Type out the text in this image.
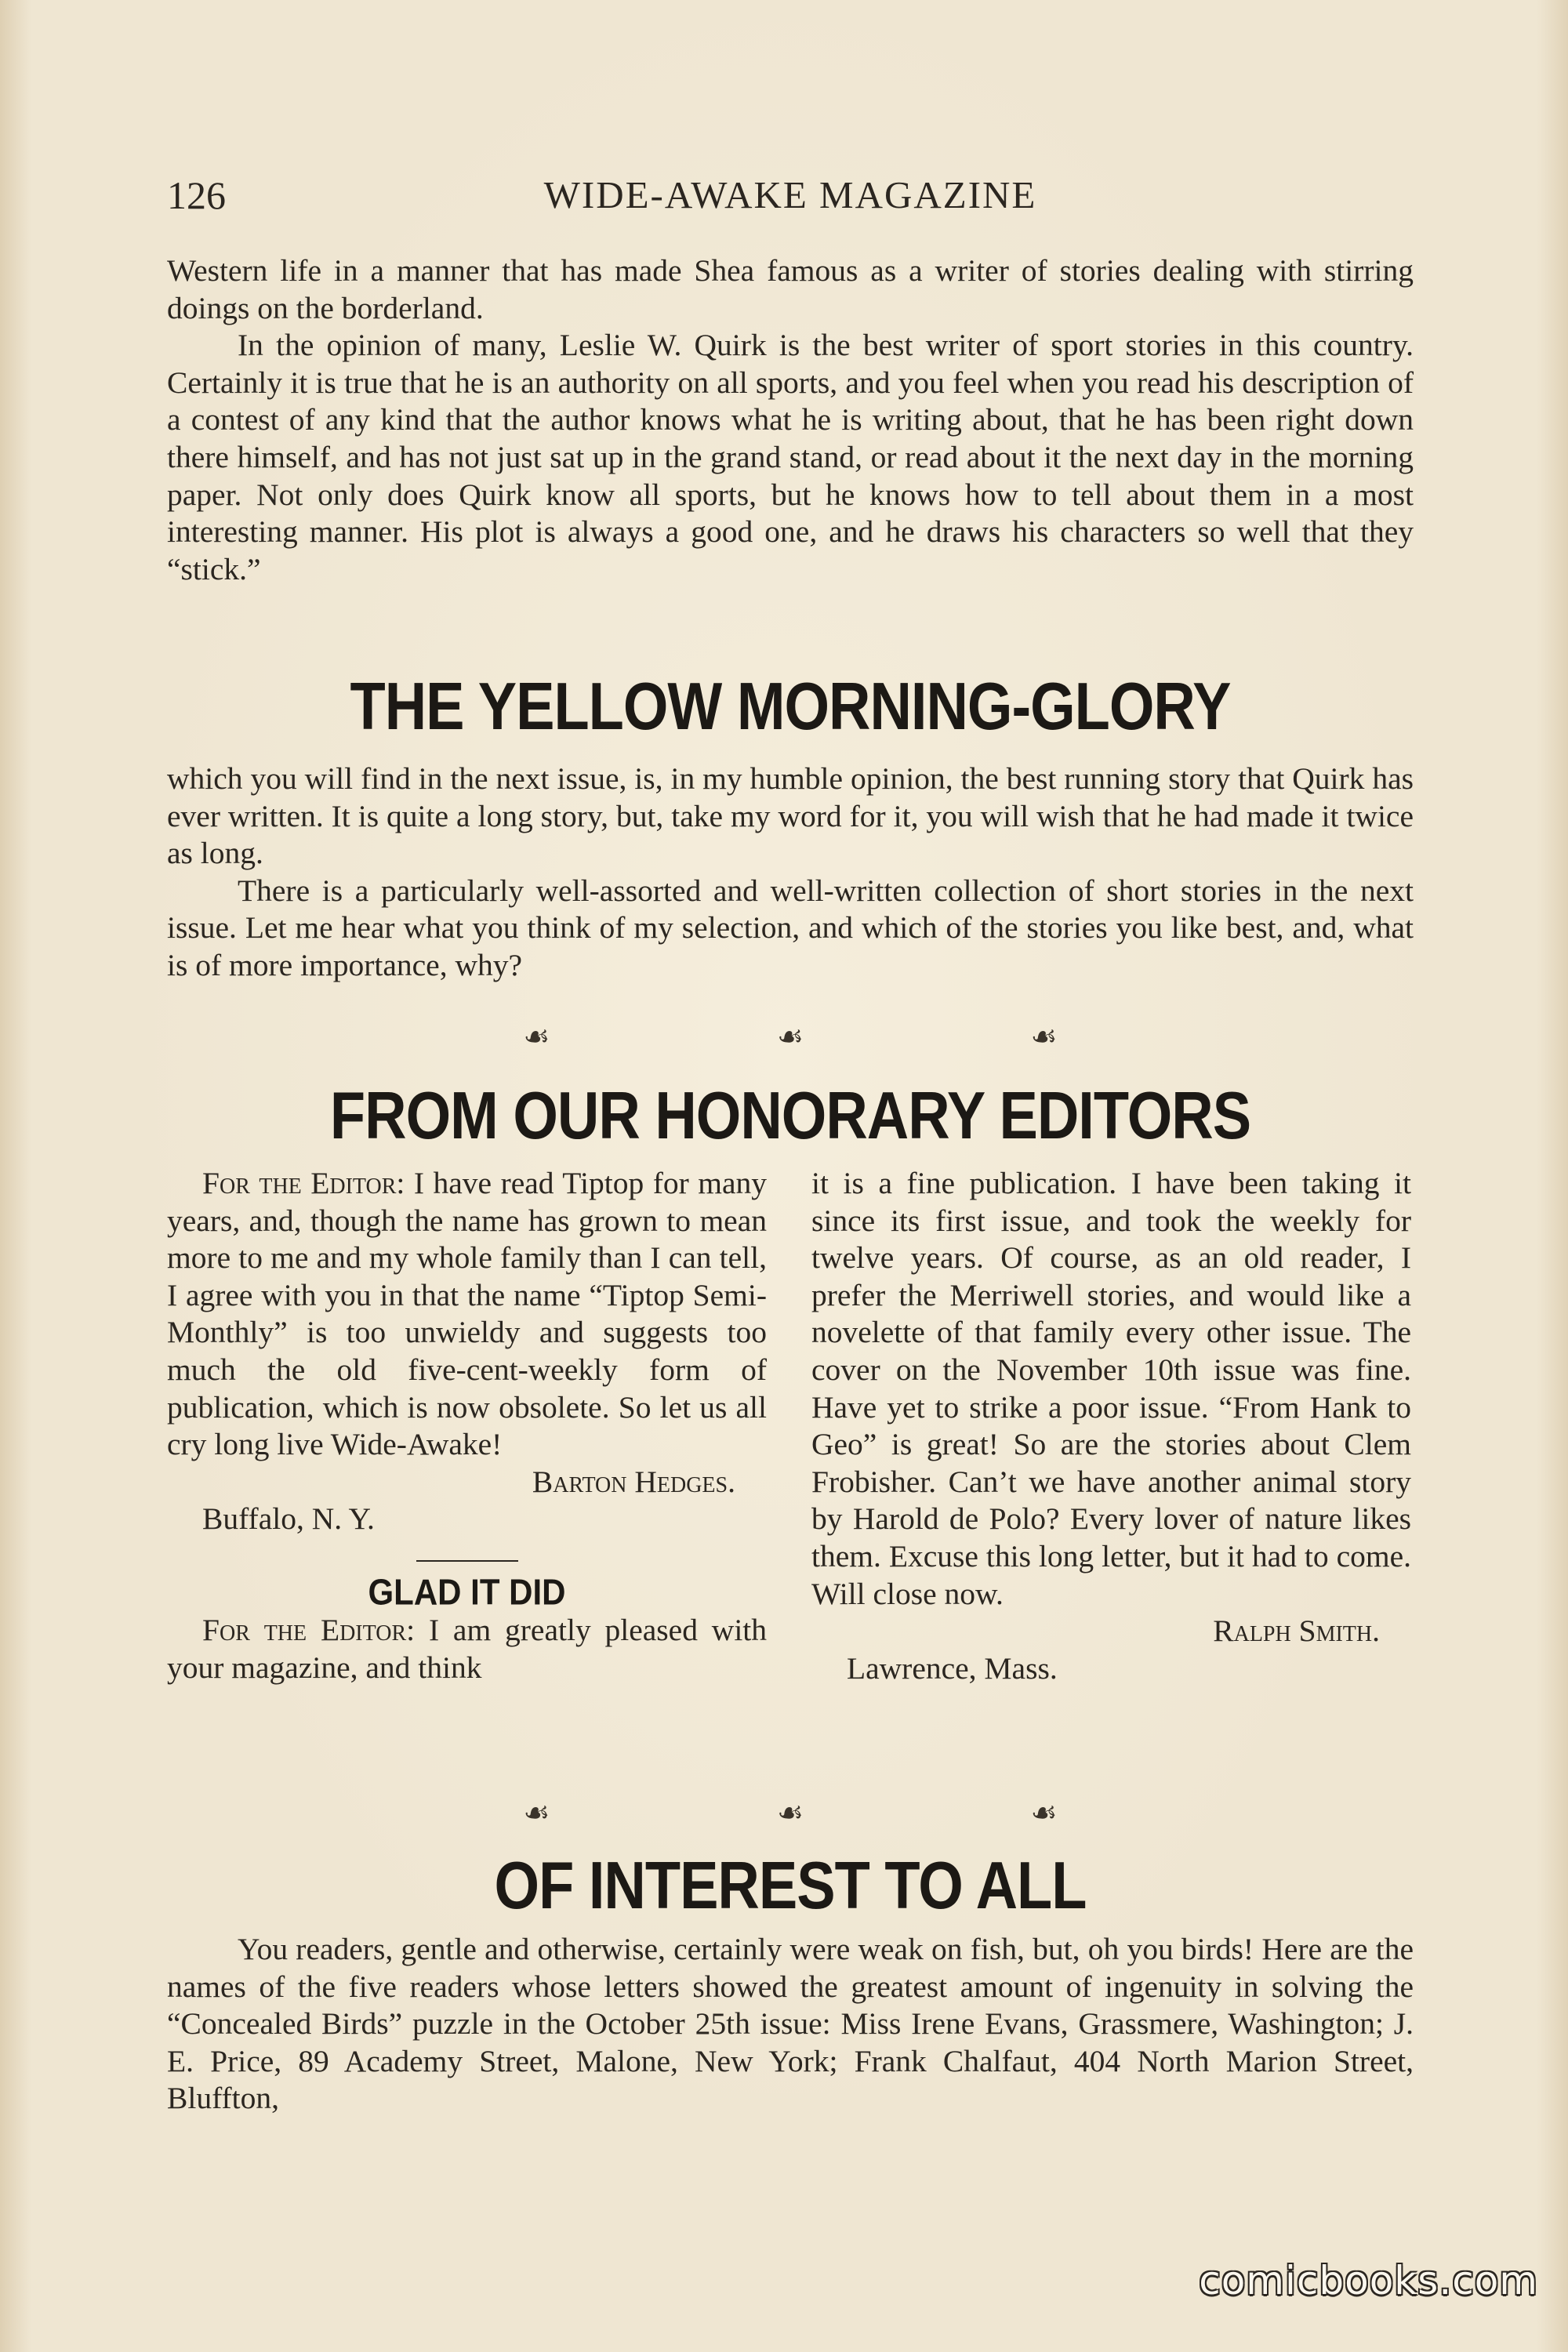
126	WIDE-AWAKE MAGAZINE

Western life in a manner that has made Shea famous as a writer of stories dealing with stirring doings on the borderland.

In the opinion of many, Leslie W. Quirk is the best writer of sport stories in this country. Certainly it is true that he is an authority on all sports, and you feel when you read his description of a contest of any kind that the author knows what he is writing about, that he has been right down there himself, and has not just sat up in the grand stand, or read about it the next day in the morning paper. Not only does Quirk know all sports, but he knows how to tell about them in a most interesting manner. His plot is always a good one, and he draws his characters so well that they “stick.”

THE YELLOW MORNING-GLORY

which you will find in the next issue, is, in my humble opinion, the best running story that Quirk has ever written. It is quite a long story, but, take my word for it, you will wish that he had made it twice as long.

There is a particularly well-assorted and well-written collection of short stories in the next issue. Let me hear what you think of my selection, and which of the stories you like best, and, what is of more importance, why?

☙ ☙ ☙
FROM OUR HONORARY EDITORS

For the Editor: I have read Tiptop for many years, and, though the name has grown to mean more to me and my whole family than I can tell, I agree with you in that the name “Tiptop Semi-Monthly” is too unwieldy and suggests too much the old five-cent-weekly form of publication, which is now obsolete. So let us all cry long live Wide-Awake!

Barton Hedges.
Buffalo, N. Y.
GLAD IT DID

For the Editor: I am greatly pleased with your magazine, and think

it is a fine publication. I have been taking it since its first issue, and took the weekly for twelve years. Of course, as an old reader, I prefer the Merriwell stories, and would like a novelette of that family every other issue. The cover on the November 10th issue was fine. Have yet to strike a poor issue. “From Hank to Geo” is great! So are the stories about Clem Frobisher. Can’t we have another animal story by Harold de Polo? Every lover of nature likes them. Excuse this long letter, but it had to come. Will close now.

Ralph Smith.
Lawrence, Mass.
☙ ☙ ☙
OF INTEREST TO ALL

You readers, gentle and otherwise, certainly were weak on fish, but, oh you birds! Here are the names of the five readers whose letters showed the greatest amount of ingenuity in solving the “Concealed Birds” puzzle in the October 25th issue: Miss Irene Evans, Grassmere, Washington; J. E. Price, 89 Academy Street, Malone, New York; Frank Chalfaut, 404 North Marion Street, Bluffton,

comicbooks.com
